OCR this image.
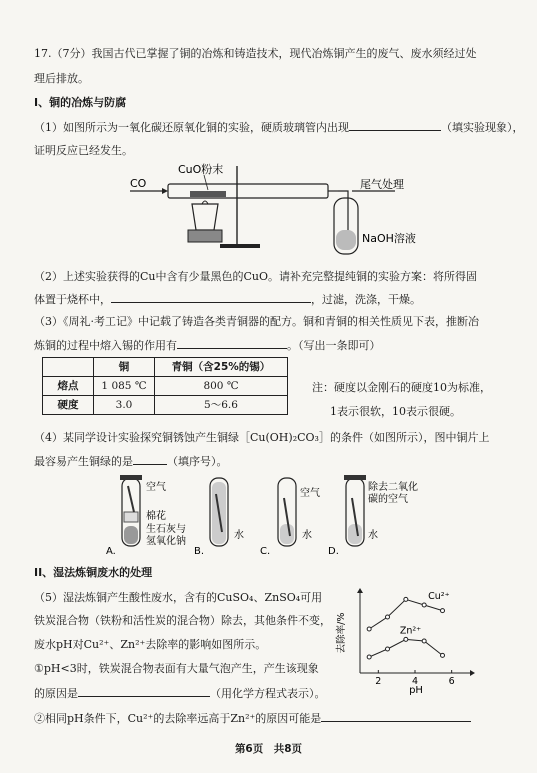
17.（7分）我国古代已掌握了铜的冶炼和铸造技术，现代冶炼铜产生的废气、废水须经过处
理后排放。
I、铜的冶炼与防腐
（1）如图所示为一氧化碳还原氧化铜的实验，硬质玻璃管内出现	（填实验现象），
证明反应已经发生。
CO
CuO粉末
尾气处理
NaOH溶液
（2）上述实验获得的Cu中含有少量黑色的CuO。请补充完整提纯铜的实验方案：将所得固
体置于烧杯中，	，过滤，洗涤，干燥。
（3）《周礼·考工记》中记载了铸造各类青铜器的配方。铜和青铜的相关性质见下表，推断冶
炼铜的过程中熔入锡的作用有	。（写出一条即可）
	铜	青铜（含25%的锡）
熔点	1 085 ℃	800 ℃
硬度	3.0	5～6.6
注：硬度以金刚石的硬度10为标准，
1表示很软，10表示很硬。
（4）某同学设计实验探究铜锈蚀产生铜绿［Cu(OH)₂CO₃］的条件（如图所示），图中铜片上
最容易产生铜绿的是	（填序号）。
空气
棉花
生石灰与
氢氧化钠
A.
水
B.
空气
水
C.
除去二氧化
碳的空气
水
D.
II、湿法炼铜废水的处理
（5）湿法炼铜产生酸性废水，含有的CuSO₄、ZnSO₄可用
铁炭混合物（铁粉和活性炭的混合物）除去，其他条件不变，
废水pH对Cu²⁺、Zn²⁺去除率的影响如图所示。
①pH<3时，铁炭混合物表面有大量气泡产生，产生该现象
的原因是	（用化学方程式表示）。
②相同pH条件下，Cu²⁺的去除率远高于Zn²⁺的原因可能是
2	4	6
Cu²⁺
Zn²⁺
去除率/%
pH
第6页　共8页
